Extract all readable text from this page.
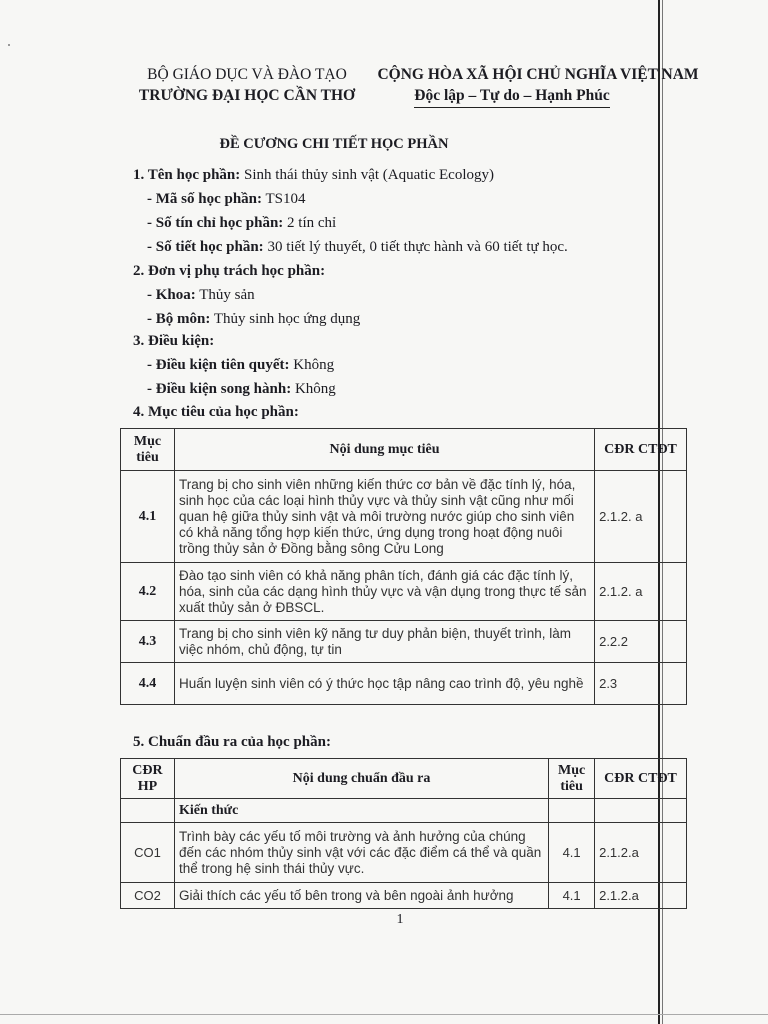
BỘ GIÁO DỤC VÀ ĐÀO TẠO
TRƯỜNG ĐẠI HỌC CẦN THƠ
CỘNG HÒA XÃ HỘI CHỦ NGHĨA VIỆT NAM
Độc lập – Tự do – Hạnh Phúc
ĐỀ CƯƠNG CHI TIẾT HỌC PHẦN
1. Tên học phần: Sinh thái thủy sinh vật (Aquatic Ecology)
- Mã số học phần: TS104
- Số tín chỉ học phần: 2 tín chỉ
- Số tiết học phần: 30 tiết lý thuyết, 0 tiết thực hành và 60 tiết tự học.
2. Đơn vị phụ trách học phần:
- Khoa: Thủy sản
- Bộ môn: Thủy sinh học ứng dụng
3. Điều kiện:
- Điều kiện tiên quyết: Không
- Điều kiện song hành: Không
4. Mục tiêu của học phần:
Mục tiêu	Nội dung mục tiêu	CĐR CTĐT
4.1	Trang bị cho sinh viên những kiến thức cơ bản về đặc tính lý, hóa, sinh học của các loại hình thủy vực và thủy sinh vật cũng như mối quan hệ giữa thủy sinh vật và môi trường nước giúp cho sinh viên có khả năng tổng hợp kiến thức, ứng dụng trong hoạt động nuôi trồng thủy sản ở Đồng bằng sông Cửu Long	2.1.2. a
4.2	Đào tạo sinh viên có khả năng phân tích, đánh giá các đặc tính lý, hóa, sinh của các dạng hình thủy vực và vận dụng trong thực tế sản xuất thủy sản ở ĐBSCL.	2.1.2. a
4.3	Trang bị cho sinh viên kỹ năng tư duy phản biện, thuyết trình, làm việc nhóm, chủ động, tự tin	2.2.2
4.4	Huấn luyện sinh viên có ý thức học tập nâng cao trình độ, yêu nghề	2.3
5. Chuẩn đầu ra của học phần:
CĐR HP	Nội dung chuẩn đầu ra	Mục tiêu	CĐR CTĐT
	Kiến thức		
CO1	Trình bày các yếu tố môi trường và ảnh hưởng của chúng đến các nhóm thủy sinh vật với các đặc điểm cá thể và quần thể trong hệ sinh thái thủy vực.	4.1	2.1.2.a
CO2	Giải thích các yếu tố bên trong và bên ngoài ảnh hưởng	4.1	2.1.2.a
1
